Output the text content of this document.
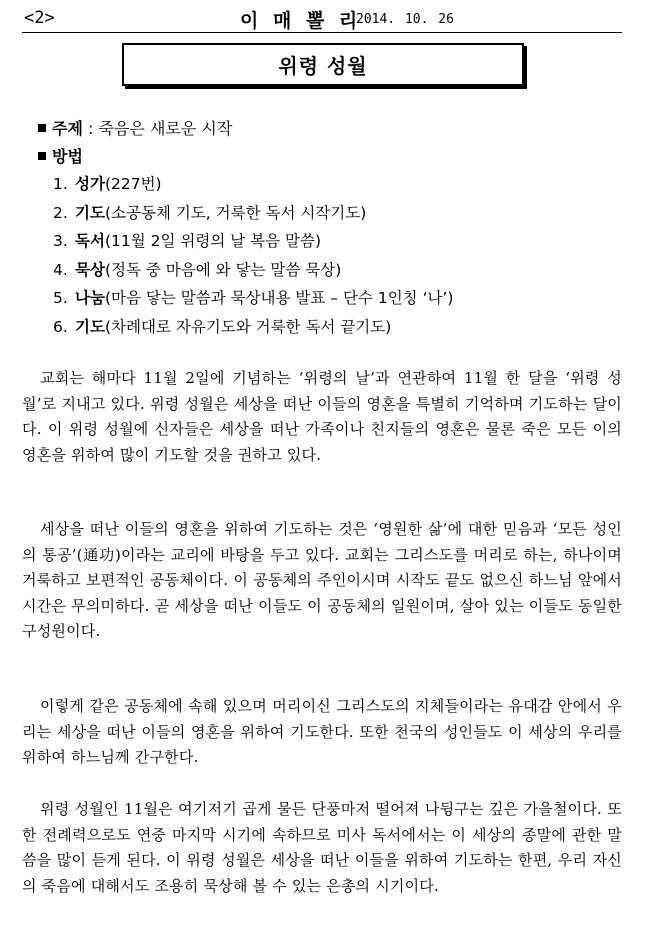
<2>	이 매 뽈 리
2014. 10. 26
위령 성월
주제 : 죽음은 새로운 시작
방법
1. 성가(227번)
2. 기도(소공동체 기도, 거룩한 독서 시작기도)
3. 독서(11월 2일 위령의 날 복음 말씀)
4. 묵상(정독 중 마음에 와 닿는 말씀 묵상)
5. 나눔(마음 닿는 말씀과 묵상내용 발표 – 단수 1인칭 ‘나’)
6. 기도(차례대로 자유기도와 거룩한 독서 끝기도)

교회는 해마다 11월 2일에 기념하는 ‘위령의 날’과 연관하여 11월 한 달을 ‘위령 성월’로 지내고 있다. 위령 성월은 세상을 떠난 이들의 영혼을 특별히 기억하며 기도하는 달이다. 이 위령 성월에 신자들은 세상을 떠난 가족이나 친지들의 영혼은 물론 죽은 모든 이의 영혼을 위하여 많이 기도할 것을 권하고 있다.

세상을 떠난 이들의 영혼을 위하여 기도하는 것은 ‘영원한 삶’에 대한 믿음과 ‘모든 성인의 통공’(通功)이라는 교리에 바탕을 두고 있다. 교회는 그리스도를 머리로 하는, 하나이며 거룩하고 보편적인 공동체이다. 이 공동체의 주인이시며 시작도 끝도 없으신 하느님 앞에서 시간은 무의미하다. 곧 세상을 떠난 이들도 이 공동체의 일원이며, 살아 있는 이들도 동일한 구성원이다.

이렇게 같은 공동체에 속해 있으며 머리이신 그리스도의 지체들이라는 유대감 안에서 우리는 세상을 떠난 이들의 영혼을 위하여 기도한다. 또한 천국의 성인들도 이 세상의 우리를 위하여 하느님께 간구한다.

위령 성월인 11월은 여기저기 곱게 물든 단풍마저 떨어져 나뒹구는 깊은 가을철이다. 또한 전례력으로도 연중 마지막 시기에 속하므로 미사 독서에서는 이 세상의 종말에 관한 말씀을 많이 듣게 된다. 이 위령 성월은 세상을 떠난 이들을 위하여 기도하는 한편, 우리 자신의 죽음에 대해서도 조용히 묵상해 볼 수 있는 은총의 시기이다.
